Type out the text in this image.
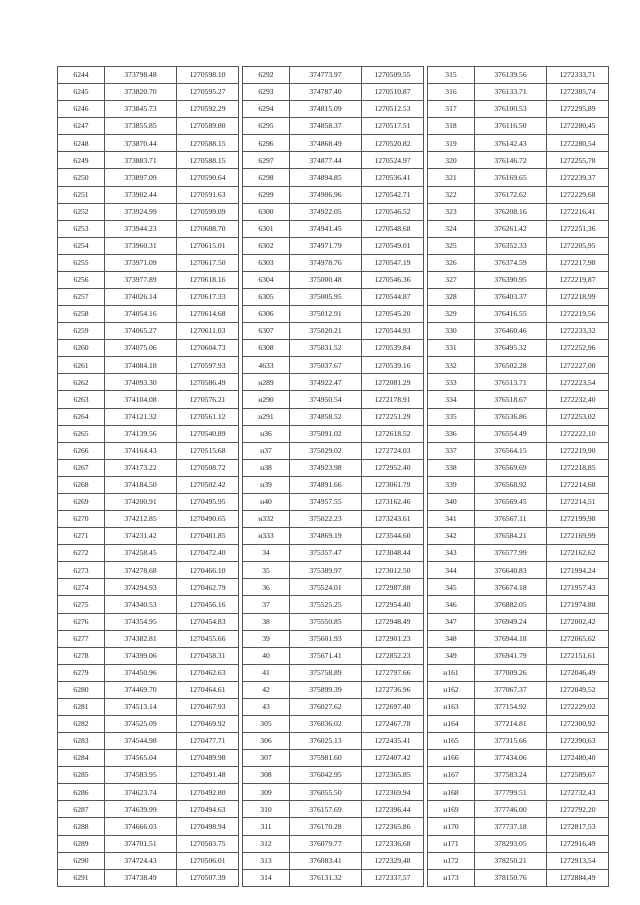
6244	373798.48	1270598.10		6292	374773.97	1270509.55		315	376139.56	1272333,71
6245	373820.70	1270595.27		6293	374787.40	1270510.87		316	376133.71	1272305,74
6246	373845.73	1270592.29		6294	374815.09	1270512.53		317	376100.53	1272295,89
6247	373855.85	1270589.80		6295	374858.37	1270517.51		318	376116.50	1272280,45
6248	373870.44	1270588.15		6296	374868.49	1270520.82		319	376142.43	1272280,54
6249	373883.71	1270588.15		6297	374877.44	1270524.97		320	376146.72	1272255,78
6250	373897.09	1270590.64		6298	374894.85	1270536.41		321	376169.65	1272239,37
6251	373902.44	1270591.63		6299	374906.96	1270542.71		322	376172.62	1272229,68
6252	373924.99	1270599.09		6300	374922.05	1270546.52		323	376208.16	1272216,41
6253	373944.23	1270608.70		6301	374941.45	1270548.68		324	376261.42	1272251,36
6254	373960.31	1270615.01		6302	374971.79	1270549.01		325	376352.33	1272205,95
6255	373971.09	1270617.50		6303	374978.76	1270547.19		326	376374.59	1272217,98
6256	373977.89	1270618.16		6304	375000.48	1270546.36		327	376390.95	1272219,87
6257	374026.14	1270617.33		6305	375005.95	1270544.87		328	376403.37	1272218,99
6258	374054.16	1270614.68		6306	375012.91	1270545.20		329	376416.55	1272219,56
6259	374065.27	1270611.03		6307	375020.21	1270544.93		330	376460.46	1272233,32
6260	374075.06	1270604.73		6308	375031.52	1270539.84		331	376495.32	1272252,96
6261	374084.18	1270597.93		4633	375037.67	1270539.16		332	376502.28	1272227,00
6262	374093.30	1270586.49		н289	374922.47	1272081.29		333	376513.71	1272223,54
6263	374104.08	1270576.21		н290	374950.54	1272178.91		334	376518.67	1272232,40
6264	374121.32	1270561.12		н291	374858.52	1272251.29		335	376536.86	1272253,02
6265	374139.56	1270540.89		н36	375091.02	1272618.52		336	376554.49	1272222,10
6266	374164.43	1270515.68		н37	375029.02	1272724.03		337	376564.15	1272219,90
6267	374173.22	1270508.72		н38	374923.98	1272952.40		338	376569.69	1272218,85
6268	374184.50	1270502.42		н39	374891.66	1273061.79		339	376568.92	1272214,68
6269	374200.91	1270495.95		н40	374957.55	1273162.46		340	376569.45	1272214,51
6270	374212.85	1270490.65		н332	375022.23	1273243.61		341	376567.11	1272199,98
6271	374231.42	1270481.85		н333	374869.19	1273544.60		342	376584.21	1272169,99
6272	374258.45	1270472.40		34	375357.47	1273048.44		343	376577.99	1272162,62
6273	374278.68	1270466.10		35	375389.97	1273012.50		344	376640.83	1271994,24
6274	374294.93	1270462.79		36	375524.01	1272987.88		345	376674.18	1271957.43
6275	374340.53	1270456.16		37	375525.25	1272954.40		346	376882.05	1271974.88
6276	374354.95	1270454.83		38	375550.85	1272948.49		347	376949.24	1272002,42
6277	374382.81	1270455.66		39	375601.93	1272901.23		348	376944.18	1272065,62
6278	374399.06	1270458.31		40	375671.41	1272852.23		349	376941.79	1272151,61
6279	374450.96	1270462.63		41	375758.89	1272797.66		н161	377009.26	1272046,49
6280	374469.70	1270464.61		42	375899.39	1272736.96		н162	377067.37	1272049,52
6281	374513.14	1270467.93		43	376027.62	1272697.40		н163	377154.92	1272229,02
6282	374525.09	1270469.92		305	376036.02	1272467.78		н164	377214.81	1272300,92
6283	374544.98	1270477.71		306	376025.13	1272435.41		н165	377315.66	1272390,63
6284	374565.04	1270489.98		307	375981.60	1272407.42		н166	377434.06	1272480,40
6285	374583.95	1270491.48		308	376042.95	1272365.85		н167	377583.24	1272589,67
6286	374623.74	1270492.80		309	376055.50	1272369.94		н168	377799.51	1272732,43
6287	374639.99	1270494.63		310	376157.69	1272396.44		н169	377746.00	1272792,20
6288	374666.03	1270498.94		311	376170.28	1272365.86		н170	377737.18	1272817,53
6289	374701.51	1270503.75		312	376079.77	1272336,68		н171	378293.05	1272916,49
6290	374724.43	1270506.01		313	376083.41	1272329,48		н172	378250.21	1272913,54
6291	374738.49	1270507.39		314	376131.32	1272337,57		н173	378150.76	1272884,49
